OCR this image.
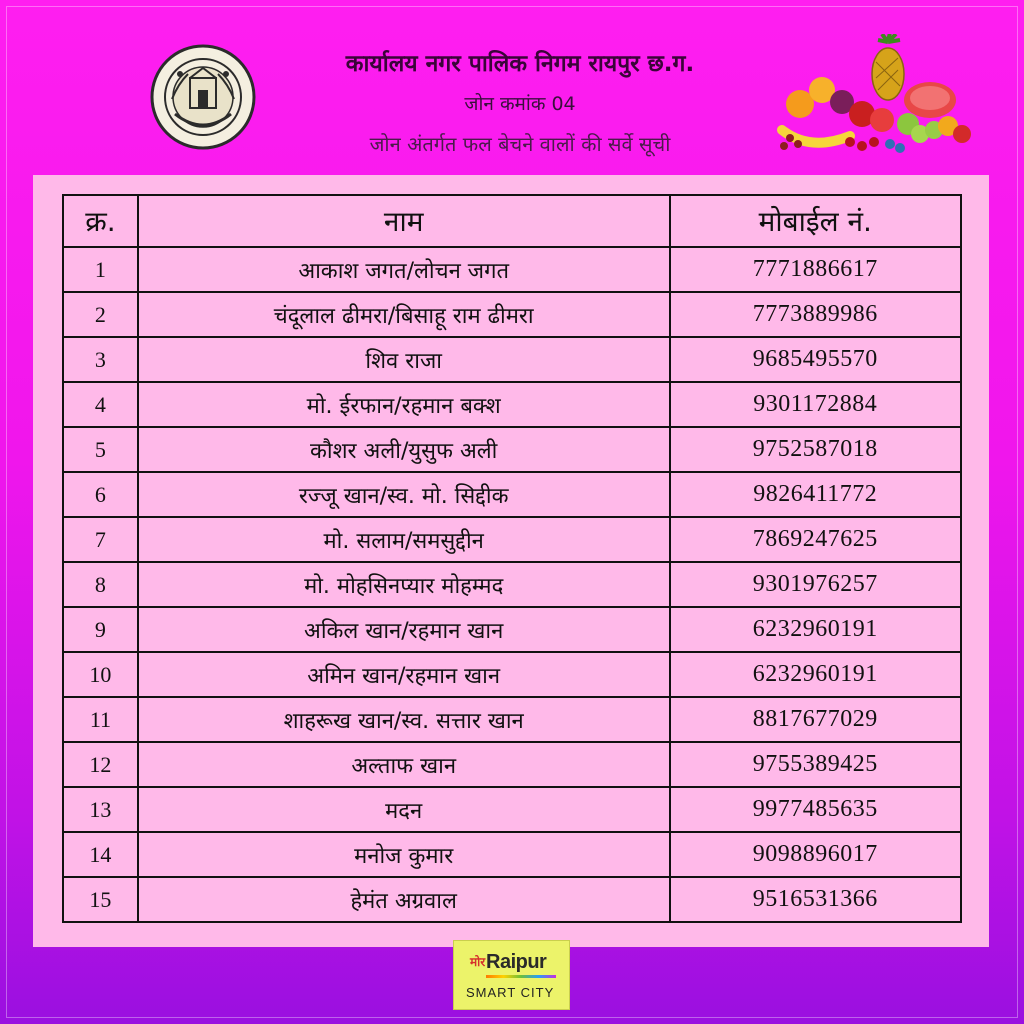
कार्यालय नगर पालिक निगम रायपुर छ.ग.
जोन कमांक 04
जोन अंतर्गत फल बेचने वालों की सर्वे सूची
क्र.	नाम	मोबाईल नं.
1	आकाश जगत/लोचन जगत	7771886617
2	चंदूलाल ढीमरा/बिसाहू राम ढीमरा	7773889986
3	शिव राजा	9685495570
4	मो. ईरफान/रहमान बक्श	9301172884
5	कौशर अली/युसुफ अली	9752587018
6	रज्जू खान/स्व. मो. सिद्दीक	9826411772
7	मो. सलाम/समसुद्दीन	7869247625
8	मो. मोहसिनप्यार मोहम्मद	9301976257
9	अकिल खान/रहमान खान	6232960191
10	अमिन खान/रहमान खान	6232960191
11	शाहरूख खान/स्व. सत्तार खान	8817677029
12	अल्ताफ खान	9755389425
13	मदन	9977485635
14	मनोज कुमार	9098896017
15	हेमंत अग्रवाल	9516531366
मोर Raipur
SMART CITY
